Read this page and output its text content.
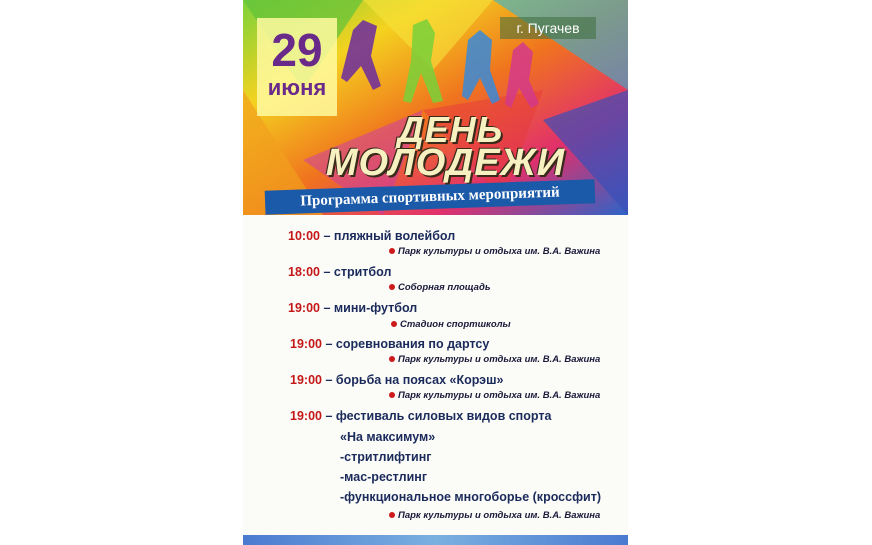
29
июня
г. Пугачев
ДЕНЬ
МОЛОДЕЖИ
Программа спортивных мероприятий
10:00 – пляжный волейбол
Парк культуры и отдыха им. В.А. Важина
18:00 – стритбол
Соборная площадь
19:00 – мини-футбол
Стадион спортшколы
19:00 – соревнования по дартсу
Парк культуры и отдыха им. В.А. Важина
19:00 – борьба на поясах «Корэш»
Парк культуры и отдыха им. В.А. Важина
19:00 – фестиваль силовых видов спорта
«На максимум»
-стритлифтинг
-мас-рестлинг
-функциональное многоборье (кроссфит)
Парк культуры и отдыха им. В.А. Важина
